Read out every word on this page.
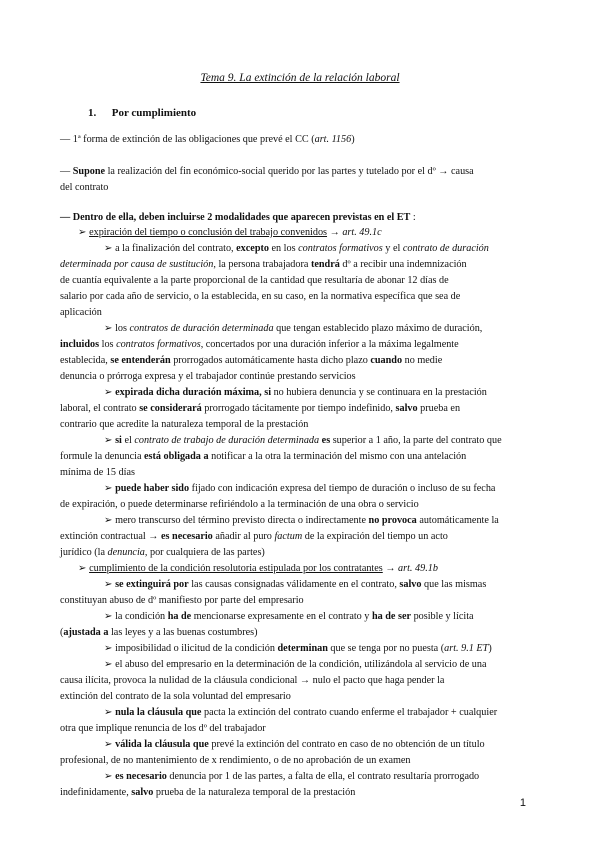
Tema 9. La extinción de la relación laboral
1. Por cumplimiento
— 1ª forma de extinción de las obligaciones que prevé el CC (art. 1156)
— Supone la realización del fin económico-social querido por las partes y tutelado por el dº → causa
del contrato
— Dentro de ella, deben incluirse 2 modalidades que aparecen previstas en el ET :
➢ expiración del tiempo o conclusión del trabajo convenidos → art. 49.1c
➢ a la finalización del contrato, excepto en los contratos formativos y el contrato de duración
determinada por causa de sustitución, la persona trabajadora tendrá dº a recibir una indemnización
de cuantía equivalente a la parte proporcional de la cantidad que resultaría de abonar 12 días de
salario por cada año de servicio, o la establecida, en su caso, en la normativa específica que sea de
aplicación
➢ los contratos de duración determinada que tengan establecido plazo máximo de duración,
incluidos los contratos formativos, concertados por una duración inferior a la máxima legalmente
establecida, se entenderán prorrogados automáticamente hasta dicho plazo cuando no medie
denuncia o prórroga expresa y el trabajador continúe prestando servicios
➢ expirada dicha duración máxima, si no hubiera denuncia y se continuara en la prestación
laboral, el contrato se considerará prorrogado tácitamente por tiempo indefinido, salvo prueba en
contrario que acredite la naturaleza temporal de la prestación
➢ si el contrato de trabajo de duración determinada es superior a 1 año, la parte del contrato que
formule la denuncia está obligada a notificar a la otra la terminación del mismo con una antelación
mínima de 15 días
➢ puede haber sido fijado con indicación expresa del tiempo de duración o incluso de su fecha
de expiración, o puede determinarse refiriéndolo a la terminación de una obra o servicio
➢ mero transcurso del término previsto directa o indirectamente no provoca automáticamente la
extinción contractual → es necesario añadir al puro factum de la expiración del tiempo un acto
jurídico (la denuncia, por cualquiera de las partes)
➢ cumplimiento de la condición resolutoria estipulada por los contratantes → art. 49.1b
➢ se extinguirá por las causas consignadas válidamente en el contrato, salvo que las mismas
constituyan abuso de dº manifiesto por parte del empresario
➢ la condición ha de mencionarse expresamente en el contrato y ha de ser posible y lícita
(ajustada a las leyes y a las buenas costumbres)
➢ imposibilidad o ilicitud de la condición determinan que se tenga por no puesta (art. 9.1 ET)
➢ el abuso del empresario en la determinación de la condición, utilizándola al servicio de una
causa ilícita, provoca la nulidad de la cláusula condicional → nulo el pacto que haga pender la
extinción del contrato de la sola voluntad del empresario
➢ nula la cláusula que pacta la extinción del contrato cuando enferme el trabajador + cualquier
otra que implique renuncia de los dº del trabajador
➢ válida la cláusula que prevé la extinción del contrato en caso de no obtención de un título
profesional, de no mantenimiento de x rendimiento, o de no aprobación de un examen
➢ es necesario denuncia por 1 de las partes, a falta de ella, el contrato resultaría prorrogado
indefinidamente, salvo prueba de la naturaleza temporal de la prestación
1
